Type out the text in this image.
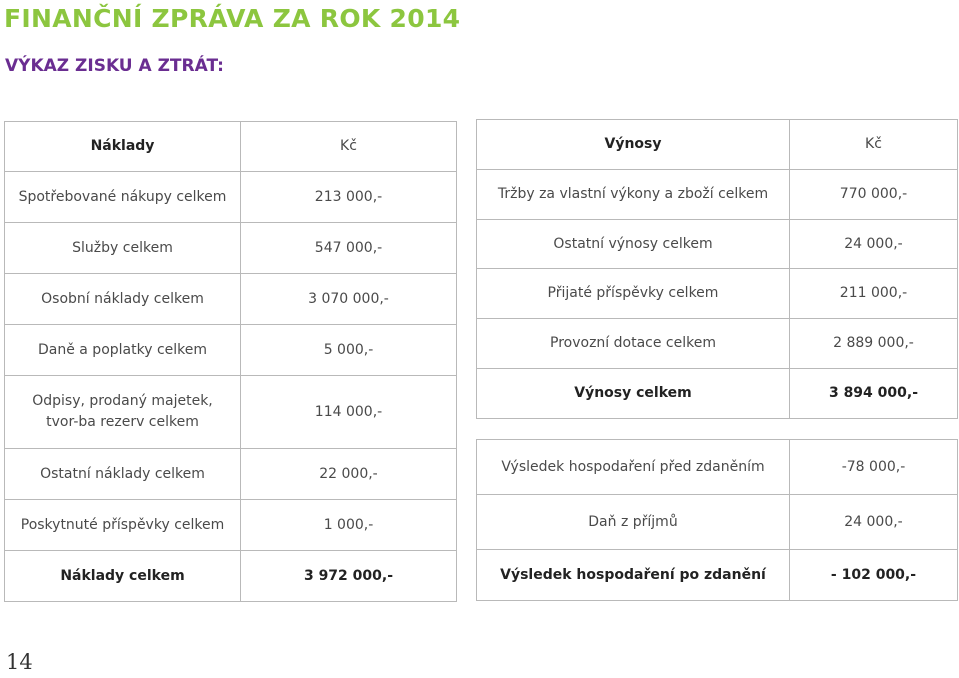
FINANČNÍ ZPRÁVA ZA ROK 2014
VÝKAZ ZISKU A ZTRÁT:
Náklady	Kč
Spotřebované nákupy celkem	213 000,-
Služby celkem	547 000,-
Osobní náklady celkem	3 070 000,-
Daně a poplatky celkem	5 000,-
Odpisy, prodaný majetek, tvor-ba rezerv celkem	114 000,-
Ostatní náklady celkem	22 000,-
Poskytnuté příspěvky celkem	1 000,-
Náklady celkem	3 972 000,-
Výnosy	Kč
Tržby za vlastní výkony a zboží celkem	770 000,-
Ostatní výnosy celkem	24 000,-
Přijaté příspěvky celkem	211 000,-
Provozní dotace celkem	2 889 000,-
Výnosy celkem	3 894 000,-

Výsledek hospodaření před zdaněním	-78 000,-
Daň z příjmů	24 000,-
Výsledek hospodaření po zdanění	- 102 000,-
14
